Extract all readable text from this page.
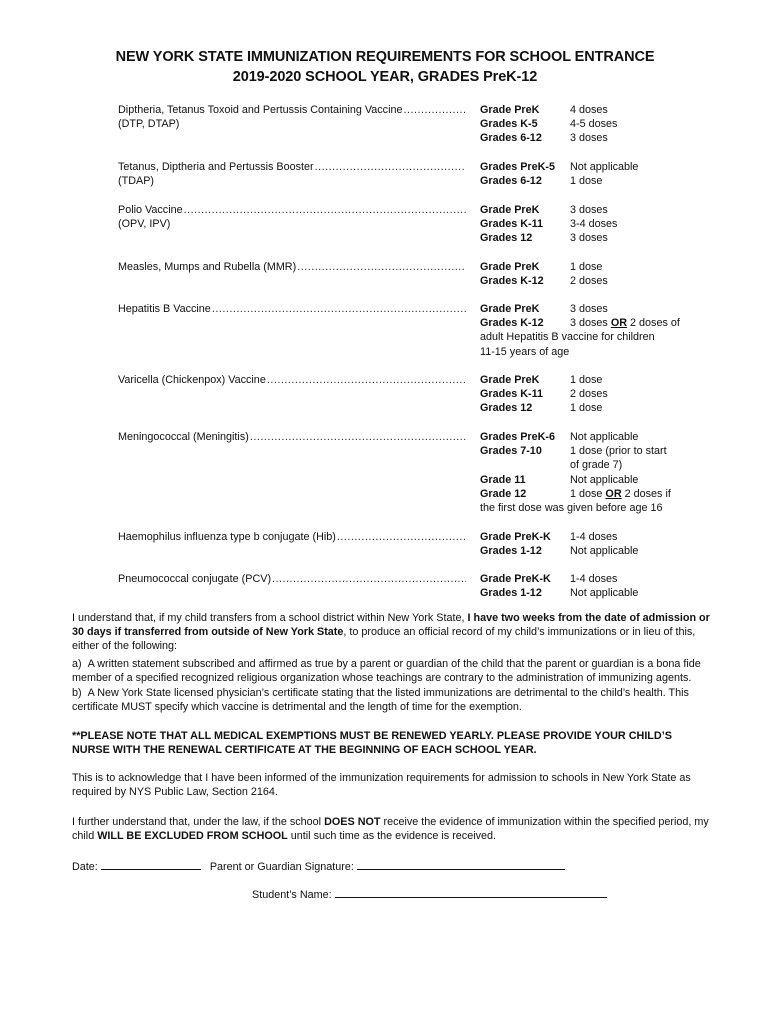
NEW YORK STATE IMMUNIZATION REQUIREMENTS FOR SCHOOL ENTRANCE
2019-2020 SCHOOL YEAR, GRADES PreK-12
Diptheria, Tetanus Toxoid and Pertussis Containing Vaccine
.....
(DTP, DTAP)
Grade PreK	4 doses
Grades K-5	4-5 doses
Grades 6-12	3 doses
Tetanus, Diptheria and Pertussis Booster
.....
(TDAP)
Grades PreK-5 Not applicable
Grades 6-12	1 dose
Polio Vaccine
.....
(OPV, IPV)
Grade PreK	3 doses
Grades K-11 3-4 doses
Grades 12	3 doses
Measles, Mumps and Rubella (MMR) .....	Grade PreK	1 dose
Grades K-12 2 doses
Hepatitis B Vaccine .....	Grade PreK	3 doses
Grades K-12 3 doses OR 2 doses of
adult Hepatitis B vaccine for children
11-15 years of age
Varicella (Chickenpox) Vaccine .....	Grade PreK	1 dose
Grades K-11 2 doses
Grades 12	1 dose
Meningococcal (Meningitis) .....	Grades PreK-6 Not applicable
Grades 7-10	1 dose (prior to start
of grade 7)
Grade 11	Not applicable
Grade 12	1 dose OR 2 doses if
the first dose was given before age 16
Haemophilus influenza type b conjugate (Hib) .....	Grade PreK-K 1-4 doses
Grades 1-12	Not applicable
Pneumococcal conjugate (PCV) .....	Grade PreK-K 1-4 doses
Grades 1-12	Not applicable
I understand that, if my child transfers from a school district within New York State, I have two weeks from the date of admission or 30 days if transferred from outside of New York State, to produce an official record of my child’s immunizations or in lieu of this, either of the following:
a)  A written statement subscribed and affirmed as true by a parent or guardian of the child that the parent or guardian is a bona fide member of a specified recognized religious organization whose teachings are contrary to the administration of immunizing agents.
b)  A New York State licensed physician’s certificate stating that the listed immunizations are detrimental to the child’s health. This certificate MUST specify which vaccine is detrimental and the length of time for the exemption.
**PLEASE NOTE THAT ALL MEDICAL EXEMPTIONS MUST BE RENEWED YEARLY. PLEASE PROVIDE YOUR CHILD’S NURSE WITH THE RENEWAL CERTIFICATE AT THE BEGINNING OF EACH SCHOOL YEAR.
This is to acknowledge that I have been informed of the immunization requirements for admission to schools in New York State as required by NYS Public Law, Section 2164.
I further understand that, under the law, if the school DOES NOT receive the evidence of immunization within the specified period, my child WILL BE EXCLUDED FROM SCHOOL until such time as the evidence is received.
Date:	Parent or Guardian Signature:
Student’s Name:
